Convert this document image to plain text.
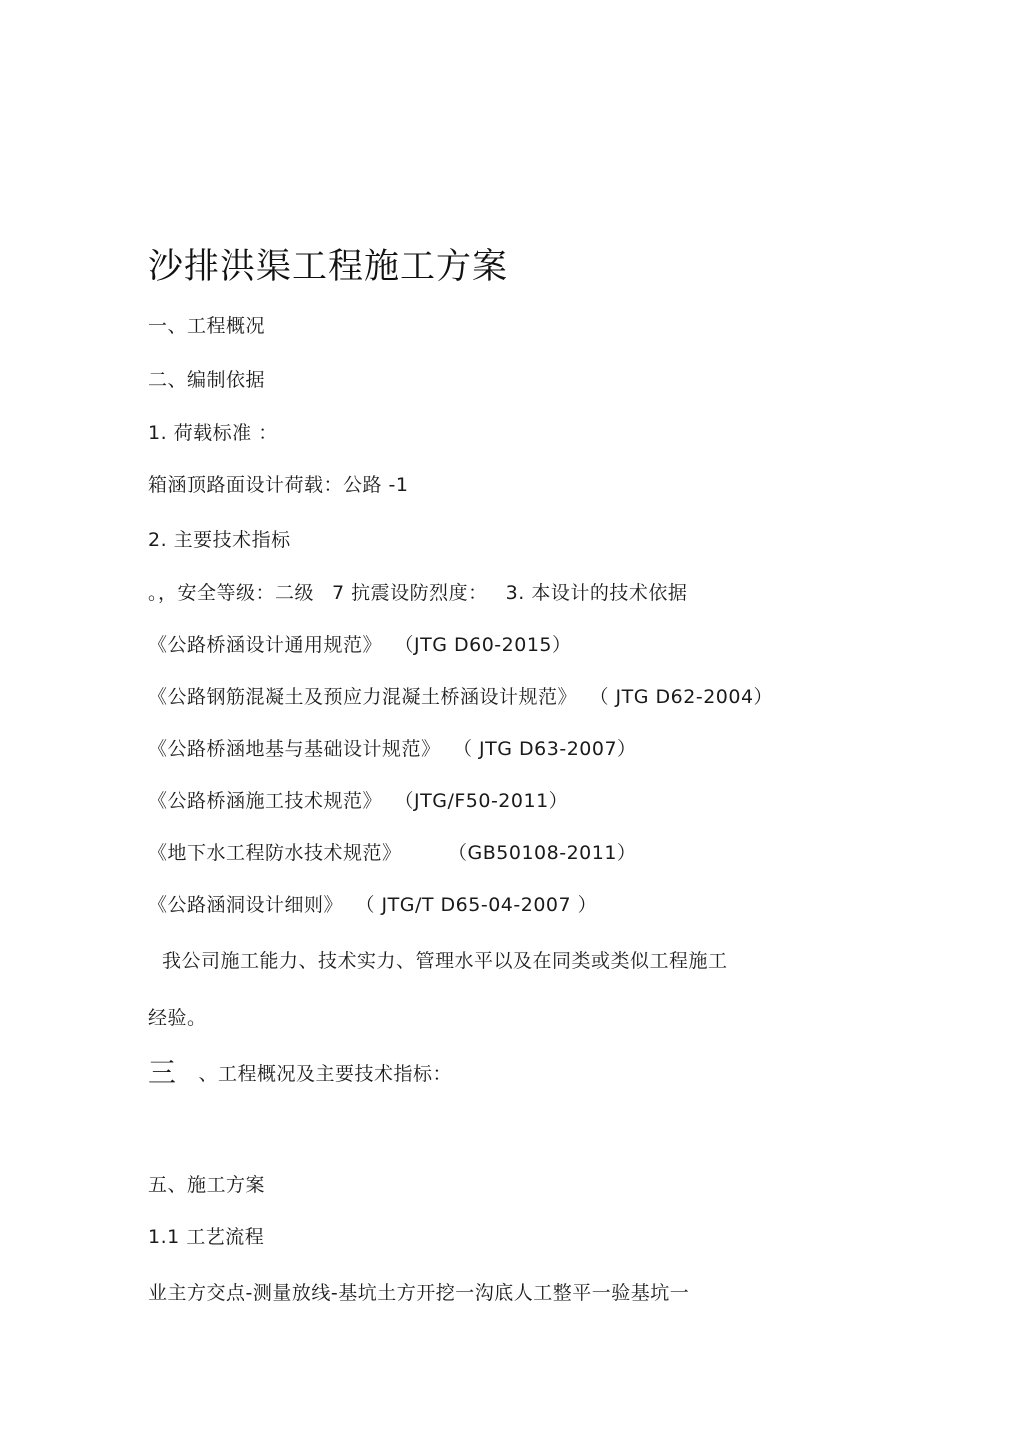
沙排洪渠工程施工方案
一、工程概况
二、编制依据
1. 荷载标准 ：
箱涵顶路面设计荷载：公路 -1
2. 主要技术指标
。，安全等级：二级 7 抗震设防烈度： 3. 本设计的技术依据
《公路桥涵设计通用规范》 （JTG D60-2015）
《公路钢筋混凝土及预应力混凝土桥涵设计规范》 （ JTG D62-2004）
《公路桥涵地基与基础设计规范》 （ JTG D63-2007）
《公路桥涵施工技术规范》 （JTG/F50-2011）
《地下水工程防水技术规范》	（GB50108-2011）
《公路涵洞设计细则》 （ JTG/T D65-04-2007 ）
我公司施工能力、技术实力、管理水平以及在同类或类似工程施工
经验。
三 、工程概况及主要技术指标：
五、施工方案
1.1 工艺流程
业主方交点-测量放线-基坑土方开挖一沟底人工整平一验基坑一
